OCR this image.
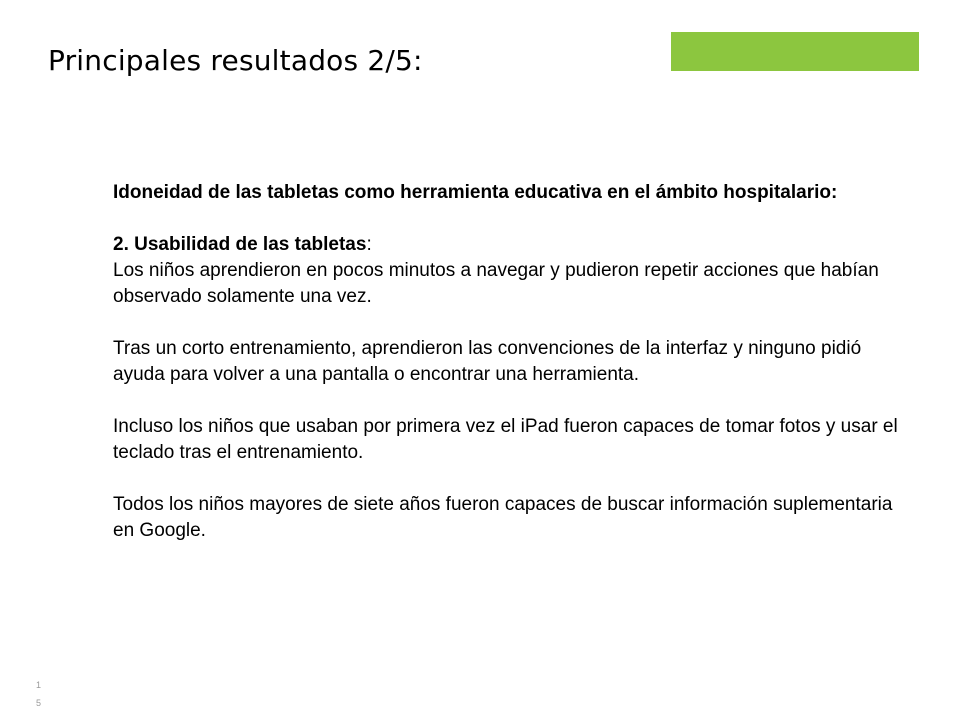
Principales resultados 2/5:

Idoneidad de las tabletas como herramienta educativa en el ámbito hospitalario:

2. Usabilidad de las tabletas:

Los niños aprendieron en pocos minutos a navegar y pudieron repetir acciones que habían observado solamente una vez.

Tras un corto entrenamiento, aprendieron las convenciones de la interfaz y ninguno pidió ayuda para volver a una pantalla o encontrar una herramienta.

Incluso los niños que usaban por primera vez el iPad fueron capaces de tomar fotos y usar el teclado tras el entrenamiento.

Todos los niños mayores de siete años fueron capaces de buscar información suplementaria en Google.

1
5
